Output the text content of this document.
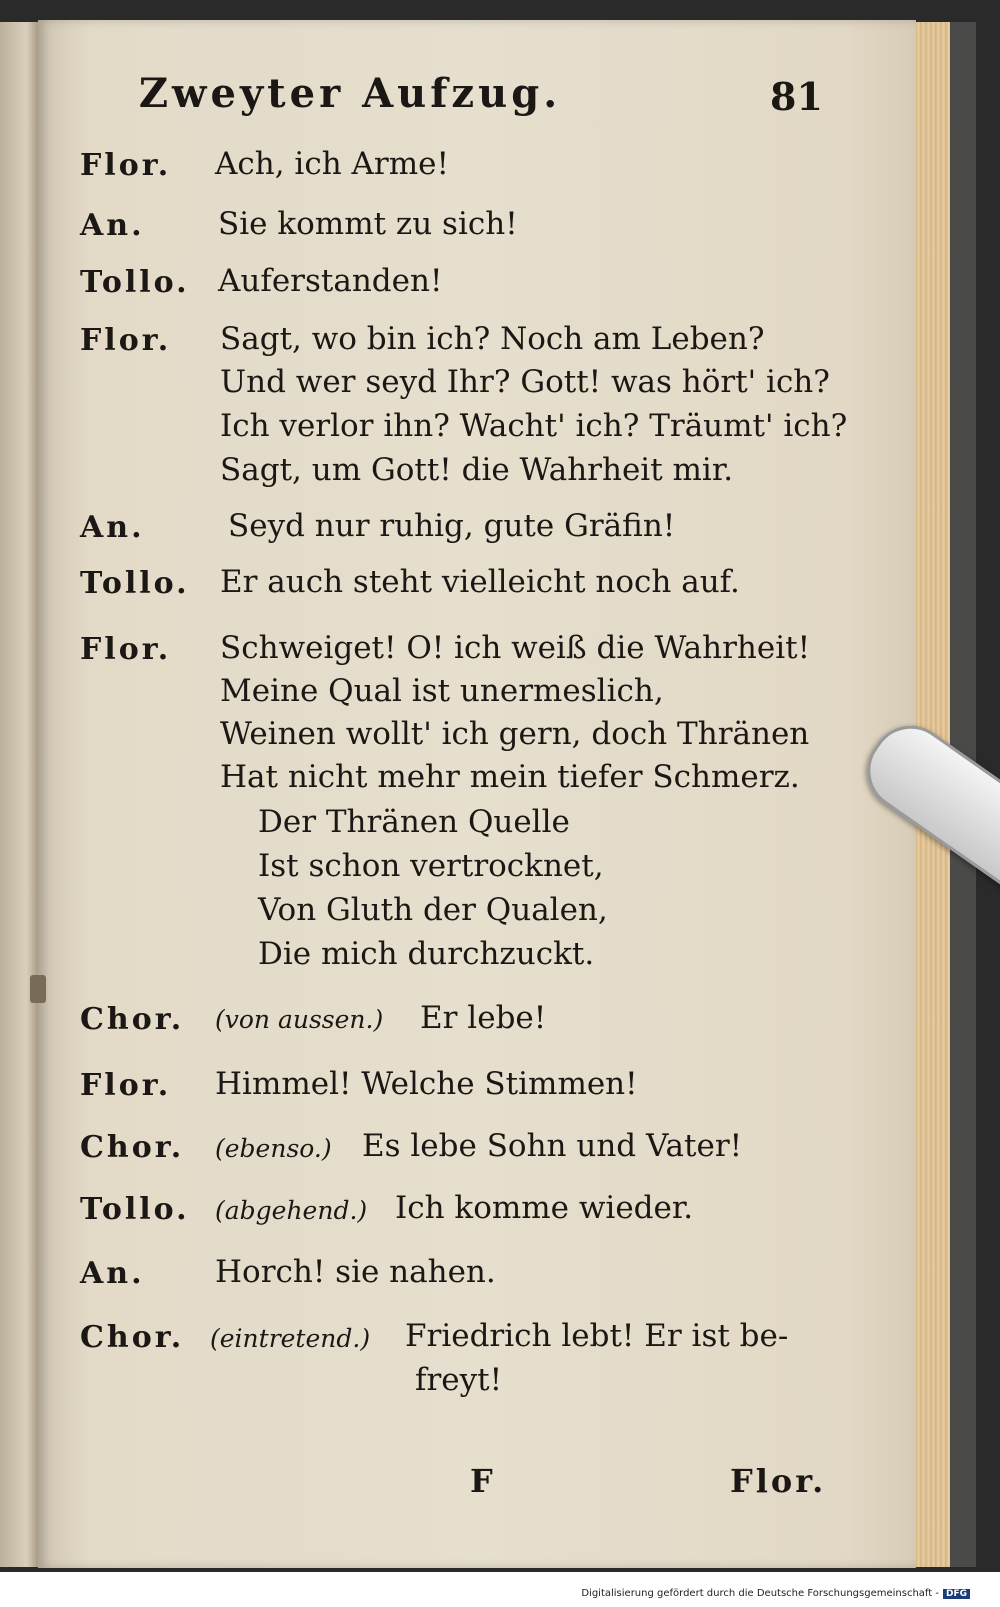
Zweyter Aufzug.	81
Flor. Ach, ich Arme!
An. Sie kommt zu sich!
Tollo. Auferstanden!
Flor. Sagt, wo bin ich? Noch am Leben?
Und wer seyd Ihr? Gott! was hört' ich?
Ich verlor ihn? Wacht' ich? Träumt' ich?
Sagt, um Gott! die Wahrheit mir.
An.	Seyd nur ruhig, gute Gräfin!
Tollo. Er auch steht vielleicht noch auf.
Flor. Schweiget! O! ich weiß die Wahrheit!
Meine Qual ist unermeslich,
Weinen wollt' ich gern, doch Thränen
Hat nicht mehr mein tiefer Schmerz.
Der Thränen Quelle
Ist schon vertrocknet,
Von Gluth der Qualen,
Die mich durchzuckt.
Chor. (von aussen.) Er lebe!
Flor. Himmel! Welche Stimmen!
Chor. (ebenso.) Es lebe Sohn und Vater!
Tollo. (abgehend.) Ich komme wieder.
An. Horch! sie nahen.
Chor. (eintretend.) Friedrich lebt! Er ist be-
freyt!
F	Flor.
Digitalisierung gefördert durch die Deutsche Forschungsgemeinschaft - DFG
